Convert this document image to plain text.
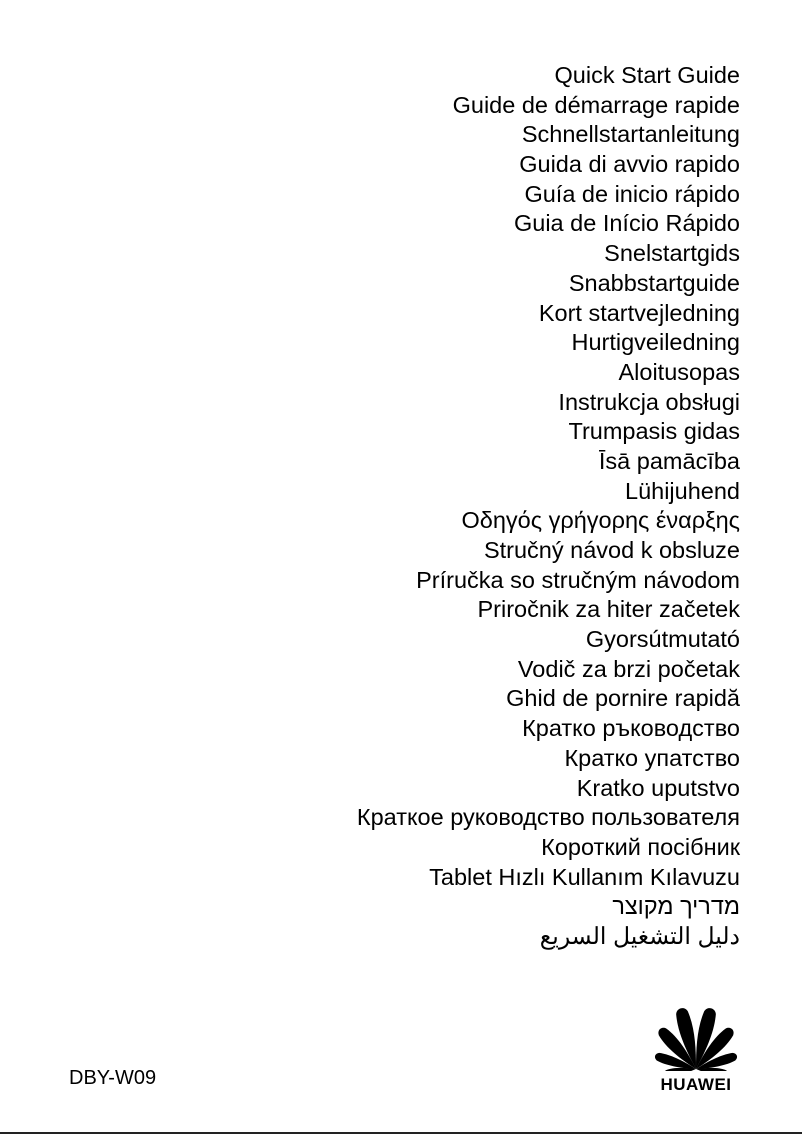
Quick Start Guide
Guide de démarrage rapide
Schnellstartanleitung
Guida di avvio rapido
Guía de inicio rápido
Guia de Início Rápido
Snelstartgids
Snabbstartguide
Kort startvejledning
Hurtigveiledning
Aloitusopas
Instrukcja obsługi
Trumpasis gidas
Īsā pamācība
Lühijuhend
Οδηγός γρήγορης έναρξης
Stručný návod k obsluze
Príručka so stručným návodom
Priročnik za hiter začetek
Gyorsútmutató
Vodič za brzi početak
Ghid de pornire rapidă
Кратко ръководство
Кратко упатство
Kratko uputstvo
Краткое руководство пользователя
Короткий посібник
Tablet Hızlı Kullanım Kılavuzu
מדריך מקוצר
دليل التشغيل السريع
DBY-W09	HUAWEI
